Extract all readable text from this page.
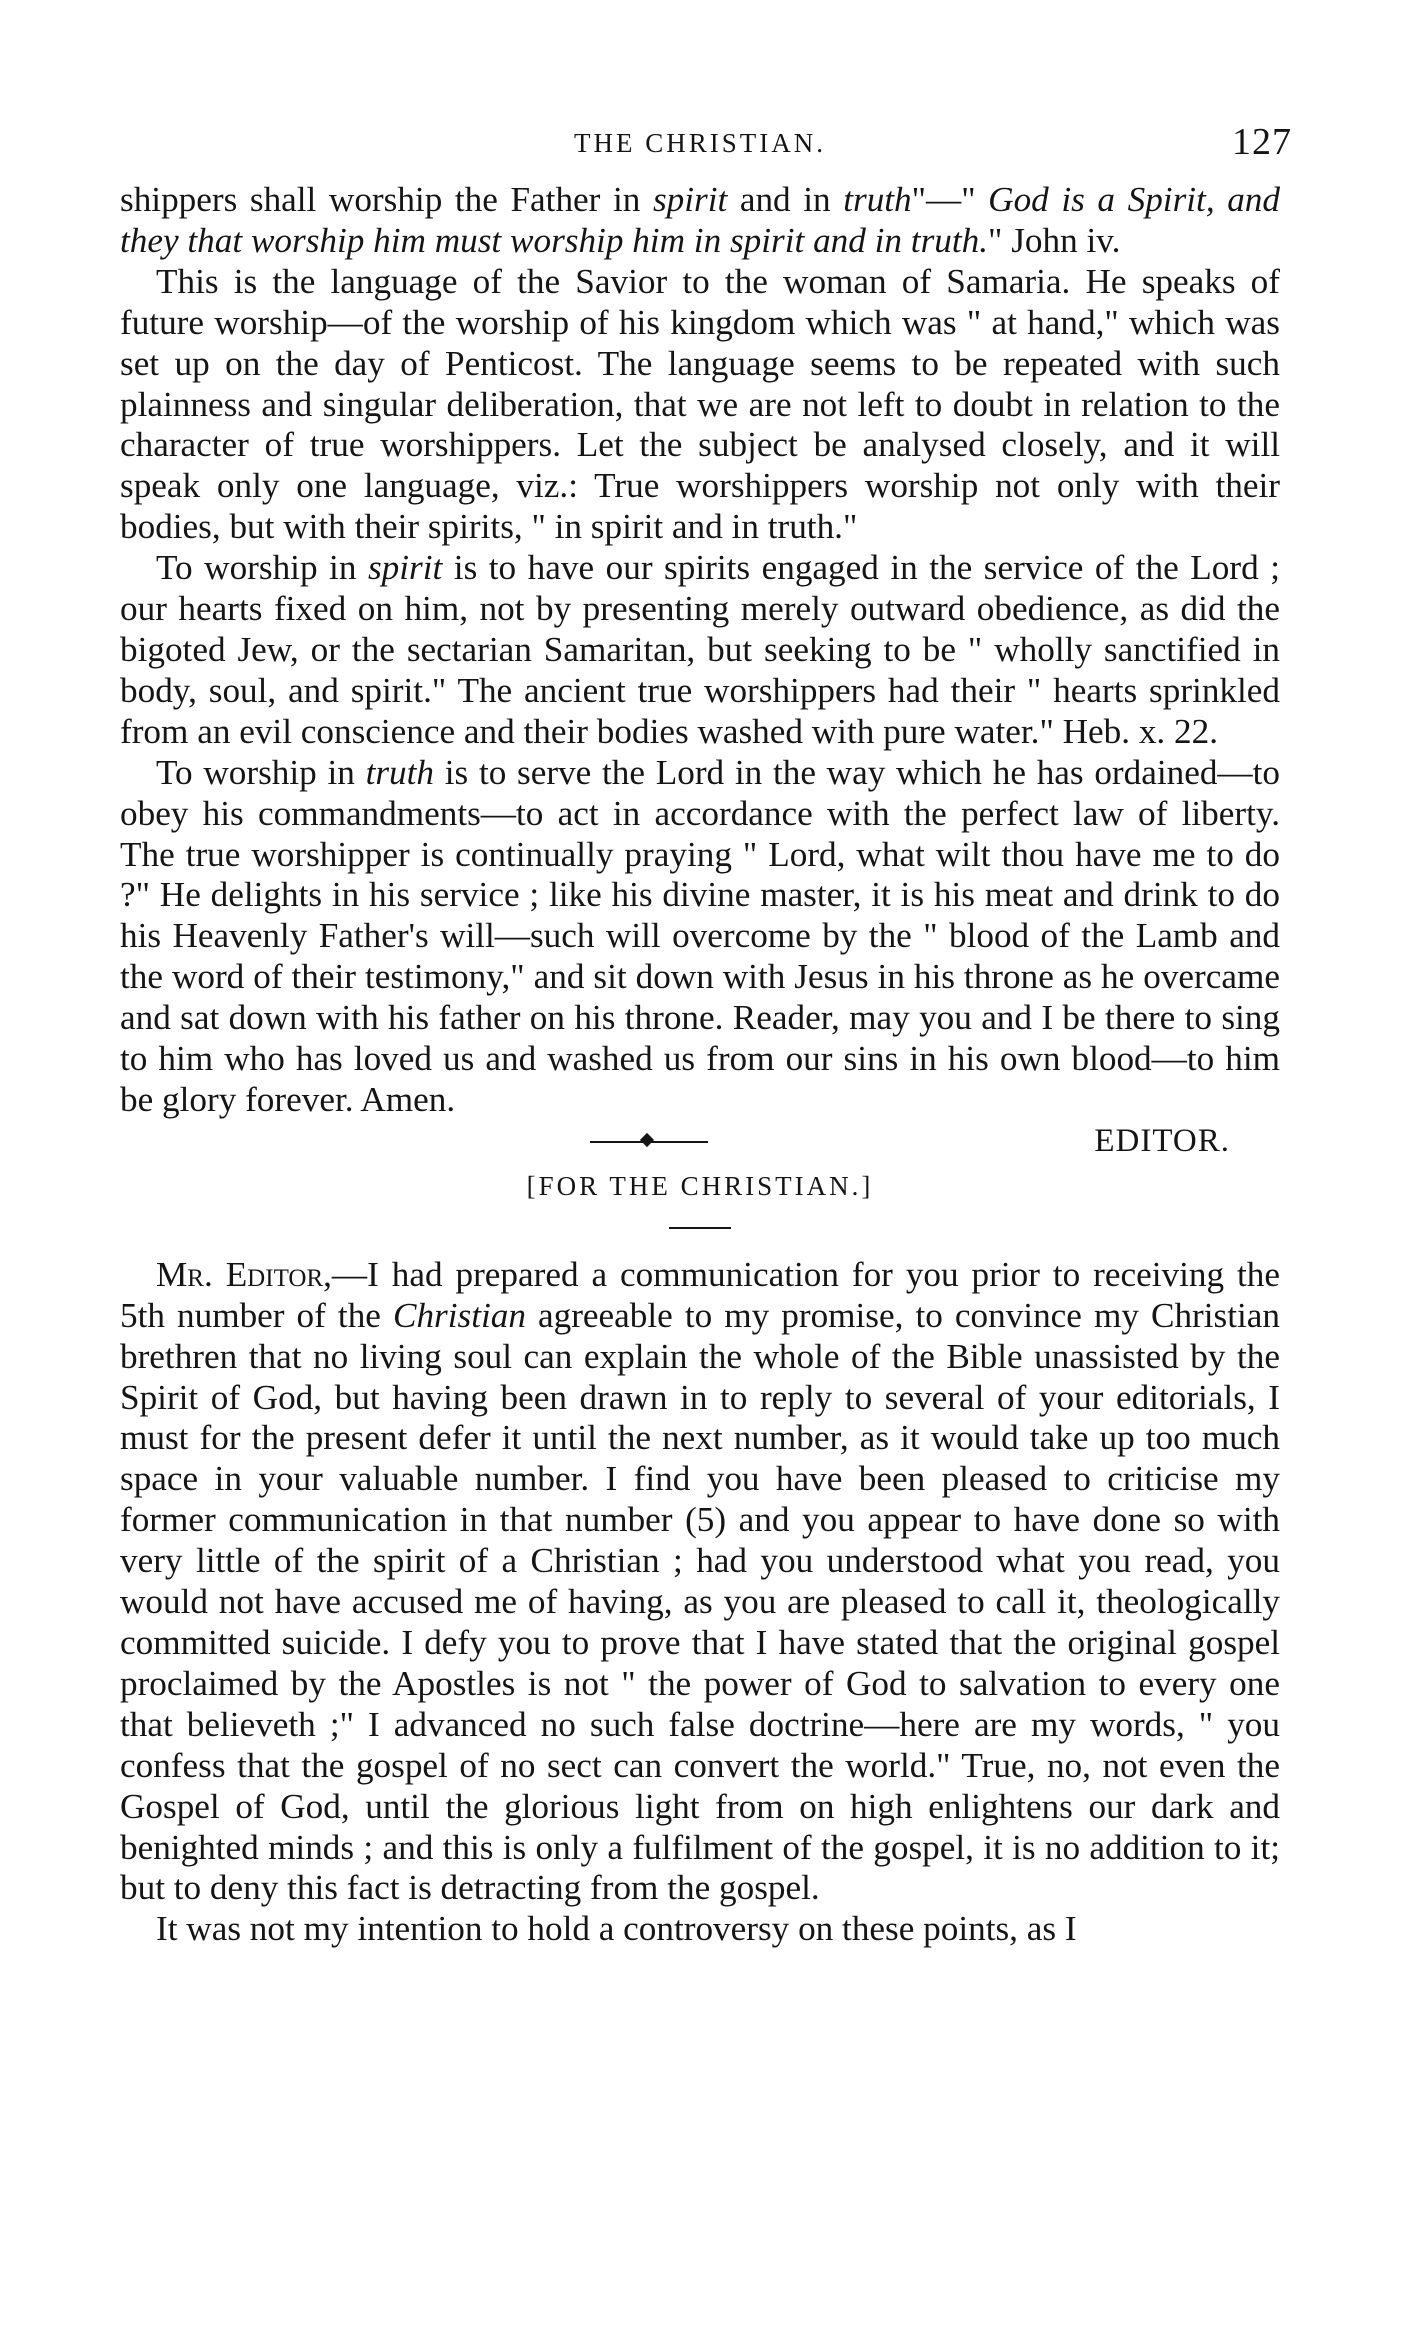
THE CHRISTIAN.	127

shippers shall worship the Father in spirit and in truth"—" God is a Spirit, and they that worship him must worship him in spirit and in truth." John iv.

This is the language of the Savior to the woman of Samaria. He speaks of future worship—of the worship of his kingdom which was " at hand," which was set up on the day of Penticost. The language seems to be repeated with such plainness and singular deliberation, that we are not left to doubt in relation to the character of true worshippers. Let the subject be analysed closely, and it will speak only one language, viz.: True worshippers worship not only with their bodies, but with their spirits, " in spirit and in truth."

To worship in spirit is to have our spirits engaged in the service of the Lord ; our hearts fixed on him, not by presenting merely outward obedience, as did the bigoted Jew, or the sectarian Samaritan, but seeking to be " wholly sanctified in body, soul, and spirit." The ancient true worshippers had their " hearts sprinkled from an evil conscience and their bodies washed with pure water." Heb. x. 22.

To worship in truth is to serve the Lord in the way which he has ordained—to obey his commandments—to act in accordance with the perfect law of liberty. The true worshipper is continually praying " Lord, what wilt thou have me to do ?" He delights in his service ; like his divine master, it is his meat and drink to do his Heavenly Father's will—such will overcome by the " blood of the Lamb and the word of their testimony," and sit down with Jesus in his throne as he overcame and sat down with his father on his throne. Reader, may you and I be there to sing to him who has loved us and washed us from our sins in his own blood—to him be glory forever. Amen.

EDITOR.
[FOR THE CHRISTIAN.]

Mr. Editor,—I had prepared a communication for you prior to receiving the 5th number of the Christian agreeable to my promise, to convince my Christian brethren that no living soul can explain the whole of the Bible unassisted by the Spirit of God, but having been drawn in to reply to several of your editorials, I must for the present defer it until the next number, as it would take up too much space in your valuable number. I find you have been pleased to criticise my former communication in that number (5) and you appear to have done so with very little of the spirit of a Christian ; had you understood what you read, you would not have accused me of having, as you are pleased to call it, theologically committed suicide. I defy you to prove that I have stated that the original gospel proclaimed by the Apostles is not " the power of God to salvation to every one that believeth ;" I advanced no such false doctrine—here are my words, " you confess that the gospel of no sect can convert the world." True, no, not even the Gospel of God, until the glorious light from on high enlightens our dark and benighted minds ; and this is only a fulfilment of the gospel, it is no addition to it; but to deny this fact is detracting from the gospel.

It was not my intention to hold a controversy on these points, as I
